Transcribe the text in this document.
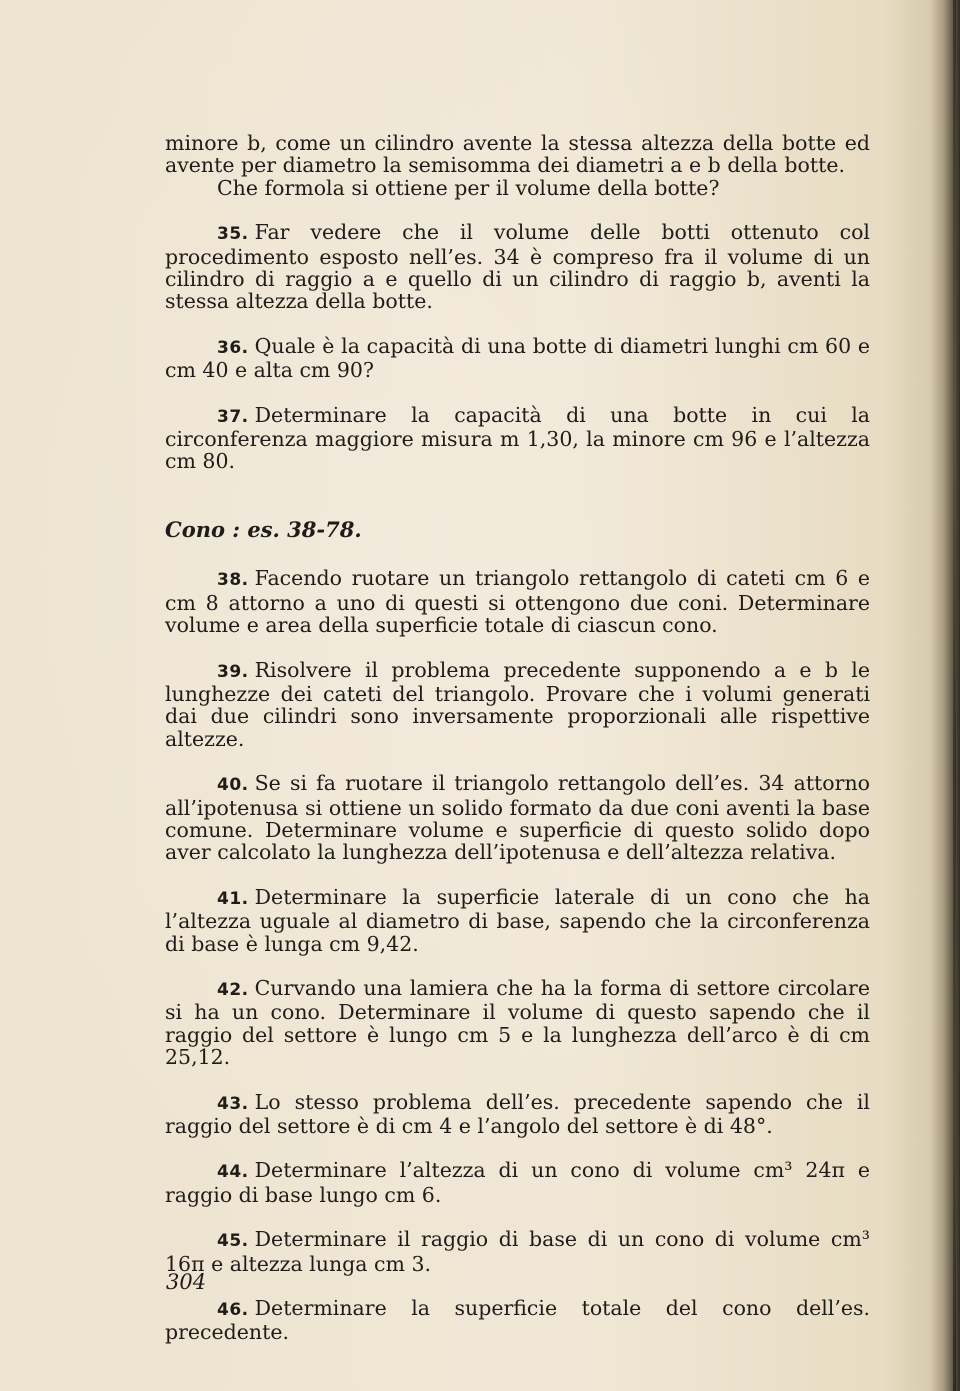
minore b, come un cilindro avente la stessa altezza della botte ed avente per diametro la semisomma dei diametri a e b della botte.
Che formola si ottiene per il volume della botte?

35. Far vedere che il volume delle botti ottenuto col procedimento esposto nell’es. 34 è compreso fra il volume di un cilindro di raggio a e quello di un cilindro di raggio b, aventi la stessa altezza della botte.

36. Quale è la capacità di una botte di diametri lunghi cm 60 e cm 40 e alta cm 90?

37. Determinare la capacità di una botte in cui la circonferenza maggiore misura m 1,30, la minore cm 96 e l’altezza cm 80.

Cono : es. 38-78.

38. Facendo ruotare un triangolo rettangolo di cateti cm 6 e cm 8 attorno a uno di questi si ottengono due coni. Determinare volume e area della superficie totale di ciascun cono.

39. Risolvere il problema precedente supponendo a e b le lunghezze dei cateti del triangolo. Provare che i volumi generati dai due cilindri sono inversamente proporzionali alle rispettive altezze.

40. Se si fa ruotare il triangolo rettangolo dell’es. 34 attorno all’ipotenusa si ottiene un solido formato da due coni aventi la base comune. Determinare volume e superficie di questo solido dopo aver calcolato la lunghezza dell’ipotenusa e dell’altezza relativa.

41. Determinare la superficie laterale di un cono che ha l’altezza uguale al diametro di base, sapendo che la circonferenza di base è lunga cm 9,42.

42. Curvando una lamiera che ha la forma di settore circolare si ha un cono. Determinare il volume di questo sapendo che il raggio del settore è lungo cm 5 e la lunghezza dell’arco è di cm 25,12.

43. Lo stesso problema dell’es. precedente sapendo che il raggio del settore è di cm 4 e l’angolo del settore è di 48°.

44. Determinare l’altezza di un cono di volume cm³ 24π e raggio di base lungo cm 6.

45. Determinare il raggio di base di un cono di volume cm³ 16π e altezza lunga cm 3.

46. Determinare la superficie totale del cono dell’es. precedente.

304
